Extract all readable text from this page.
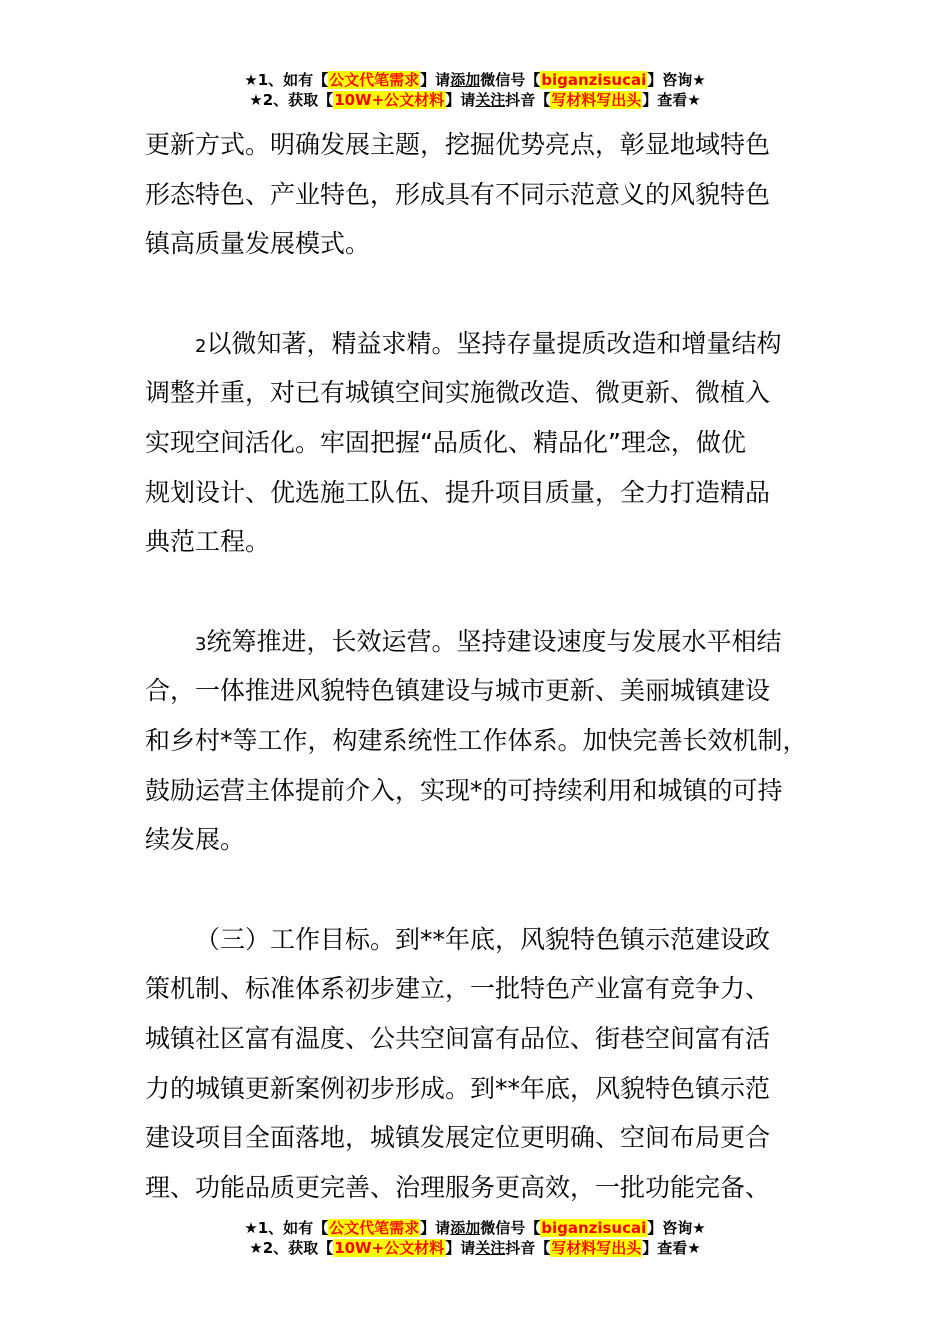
★1、如有【公文代笔需求】请添加微信号【biganzisucai】咨询★
★2、获取【10W+公文材料】请关注抖音【写材料写出头】查看★
更新方式。明确发展主题，挖掘优势亮点，彰显地域特色
形态特色、产业特色，形成具有不同示范意义的风貌特色
镇高质量发展模式。
2以微知著，精益求精。坚持存量提质改造和增量结构
调整并重，对已有城镇空间实施微改造、微更新、微植入
实现空间活化。牢固把握“品质化、精品化”理念，做优
规划设计、优选施工队伍、提升项目质量，全力打造精品
典范工程。
3统筹推进，长效运营。坚持建设速度与发展水平相结
合，一体推进风貌特色镇建设与城市更新、美丽城镇建设
和乡村*等工作，构建系统性工作体系。加快完善长效机制，
鼓励运营主体提前介入，实现*的可持续利用和城镇的可持
续发展。
（三）工作目标。到**年底，风貌特色镇示范建设政
策机制、标准体系初步建立，一批特色产业富有竞争力、
城镇社区富有温度、公共空间富有品位、街巷空间富有活
力的城镇更新案例初步形成。到**年底，风貌特色镇示范
建设项目全面落地，城镇发展定位更明确、空间布局更合
理、功能品质更完善、治理服务更高效，一批功能完备、
★1、如有【公文代笔需求】请添加微信号【biganzisucai】咨询★
★2、获取【10W+公文材料】请关注抖音【写材料写出头】查看★
